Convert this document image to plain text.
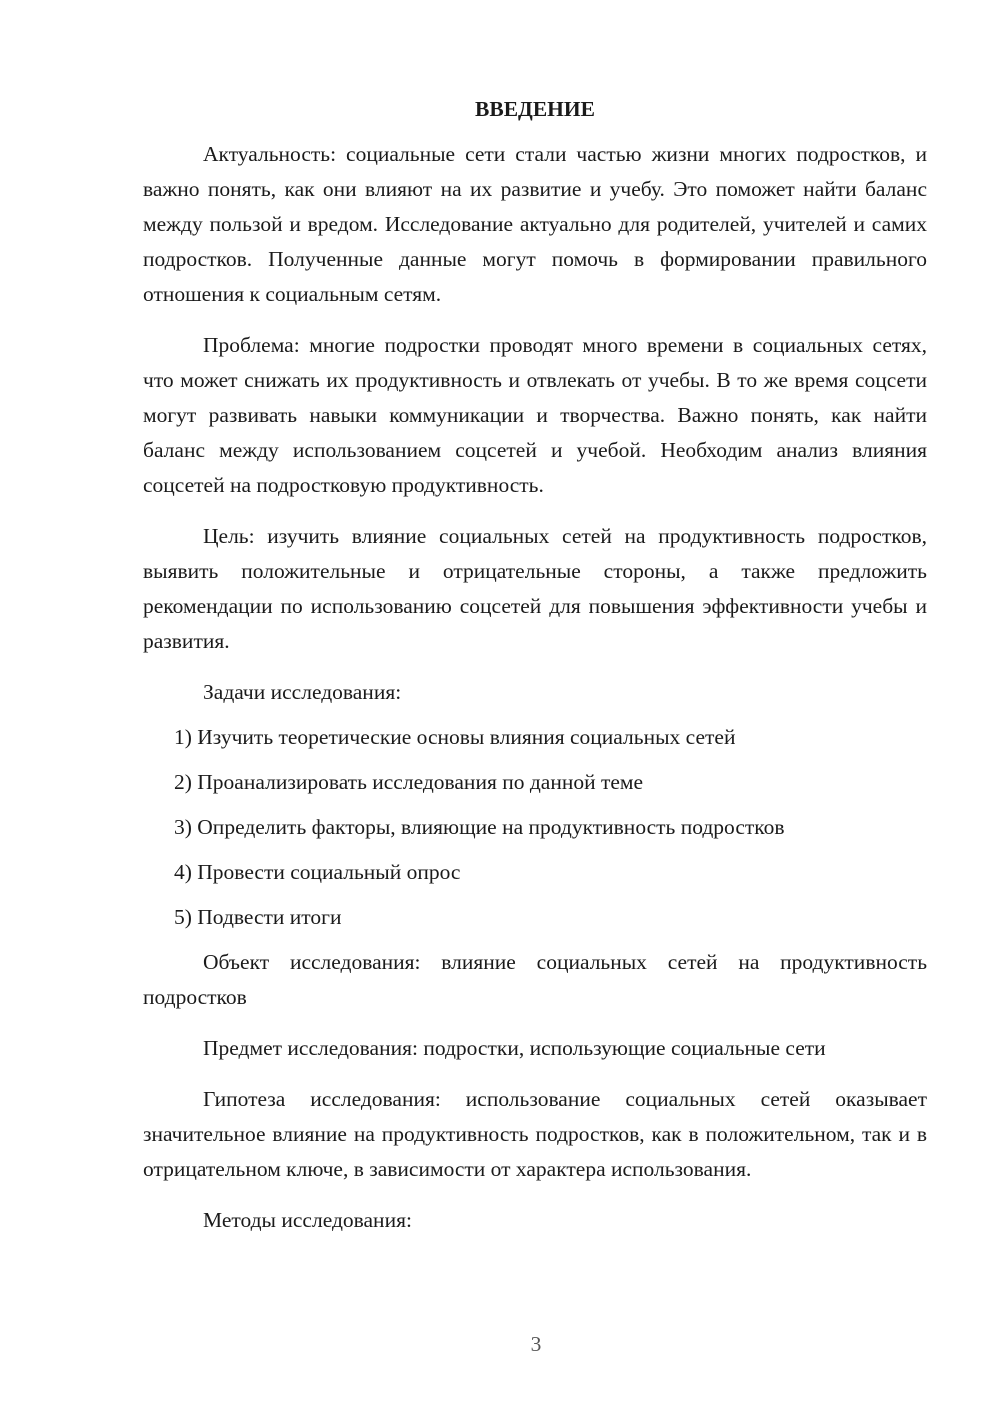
ВВЕДЕНИЕ

Актуальность: социальные сети стали частью жизни многих подростков, и важно понять, как они влияют на их развитие и учебу. Это поможет найти баланс между пользой и вредом. Исследование актуально для родителей, учителей и самих подростков. Полученные данные могут помочь в формировании правильного отношения к социальным сетям.

Проблема: многие подростки проводят много времени в социальных сетях, что может снижать их продуктивность и отвлекать от учебы. В то же время соцсети могут развивать навыки коммуникации и творчества. Важно понять, как найти баланс между использованием соцсетей и учебой. Необходим анализ влияния соцсетей на подростковую продуктивность.

Цель: изучить влияние социальных сетей на продуктивность подростков, выявить положительные и отрицательные стороны, а также предложить рекомендации по использованию соцсетей для повышения эффективности учебы и развития.

Задачи исследования:

1) Изучить теоретические основы влияния социальных сетей
2) Проанализировать исследования по данной теме
3) Определить факторы, влияющие на продуктивность подростков
4) Провести социальный опрос
5) Подвести итоги

Объект исследования: влияние социальных сетей на продуктивность подростков

Предмет исследования: подростки, использующие социальные сети

Гипотеза исследования: использование социальных сетей оказывает значительное влияние на продуктивность подростков, как в положительном, так и в отрицательном ключе, в зависимости от характера использования.

Методы исследования:

3
